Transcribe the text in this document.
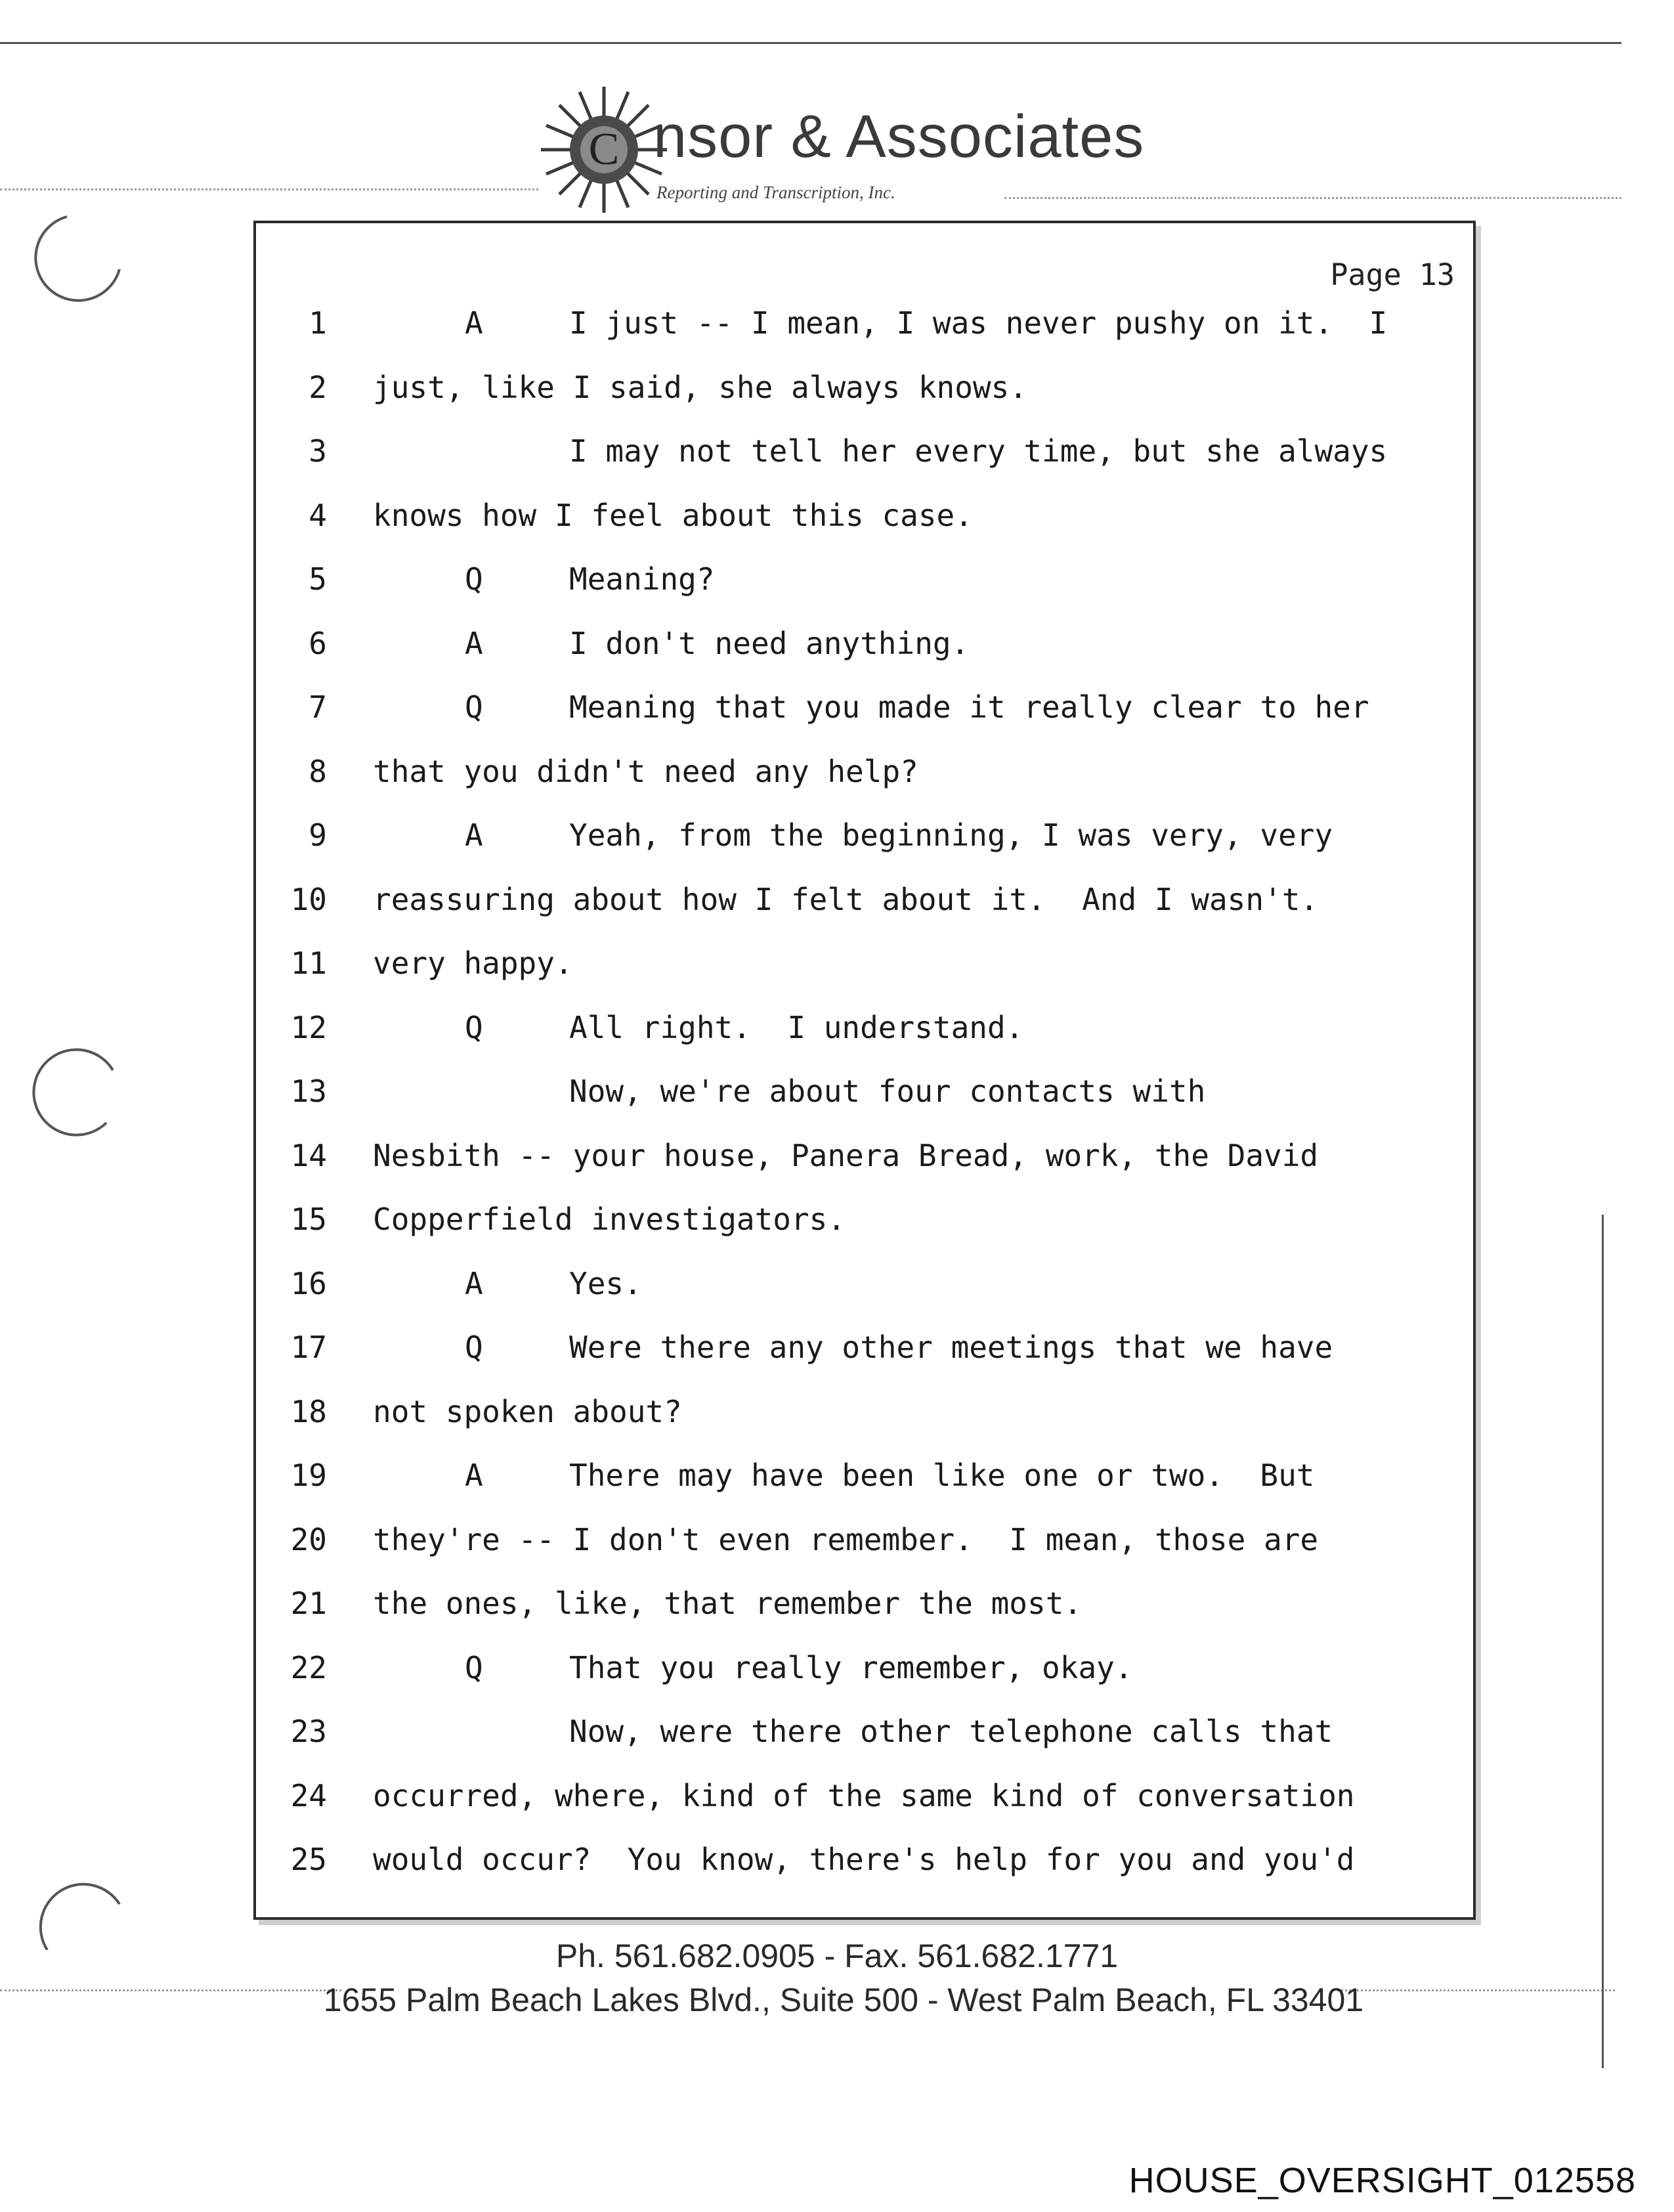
C nsor & Associates
Reporting and Transcription, Inc.
Page 13
1	A	I just -- I mean, I was never pushy on it.  I
2 just, like I said, she always knows.
3	I may not tell her every time, but she always
4 knows how I feel about this case.
5	Q	Meaning?
6	A	I don't need anything.
7	Q	Meaning that you made it really clear to her
8 that you didn't need any help?
9	A	Yeah, from the beginning, I was very, very
10 reassuring about how I felt about it.  And I wasn't.
11 very happy.
12	Q	All right.  I understand.
13	Now, we're about four contacts with
14 Nesbith -- your house, Panera Bread, work, the David
15 Copperfield investigators.
16	A	Yes.
17	Q	Were there any other meetings that we have
18 not spoken about?
19	A	There may have been like one or two.  But
20 they're -- I don't even remember.  I mean, those are
21 the ones, like, that remember the most.
22	Q	That you really remember, okay.
23	Now, were there other telephone calls that
24 occurred, where, kind of the same kind of conversation
25 would occur?  You know, there's help for you and you'd
Ph. 561.682.0905 - Fax. 561.682.1771
1655 Palm Beach Lakes Blvd., Suite 500 - West Palm Beach, FL 33401
HOUSE_OVERSIGHT_012558
